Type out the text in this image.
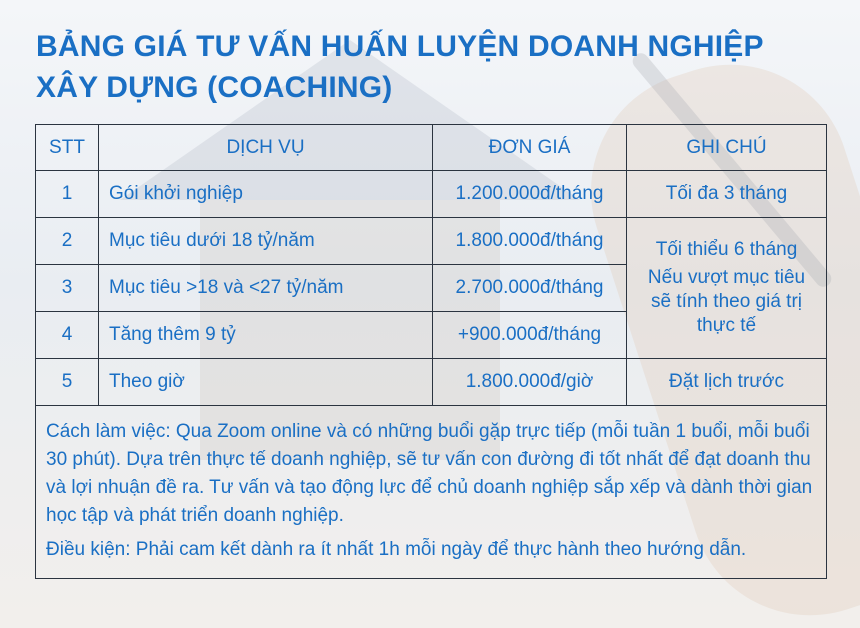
BẢNG GIÁ TƯ VẤN HUẤN LUYỆN DOANH NGHIỆP
XÂY DỰNG (COACHING)
STT	DỊCH VỤ	ĐƠN GIÁ	GHI CHÚ
1	Gói khởi nghiệp	1.200.000đ/tháng	Tối đa 3 tháng
2	Mục tiêu dưới 18 tỷ/năm	1.800.000đ/tháng	Tối thiểu 6 tháng
Nếu vượt mục tiêu sẽ tính theo giá trị thực tế

3	Mục tiêu >18 và <27 tỷ/năm	2.700.000đ/tháng	
4	Tăng thêm 9 tỷ	+900.000đ/tháng	
5	Theo giờ	1.800.000đ/giờ	Đặt lịch trước

Cách làm việc: Qua Zoom online và có những buổi gặp trực tiếp (mỗi tuần 1 buổi, mỗi buổi 30 phút). Dựa trên thực tế doanh nghiệp, sẽ tư vấn con đường đi tốt nhất để đạt doanh thu và lợi nhuận đề ra. Tư vấn và tạo động lực để chủ doanh nghiệp sắp xếp và dành thời gian học tập và phát triển doanh nghiệp.

Điều kiện: Phải cam kết dành ra ít nhất 1h mỗi ngày để thực hành theo hướng dẫn.			
